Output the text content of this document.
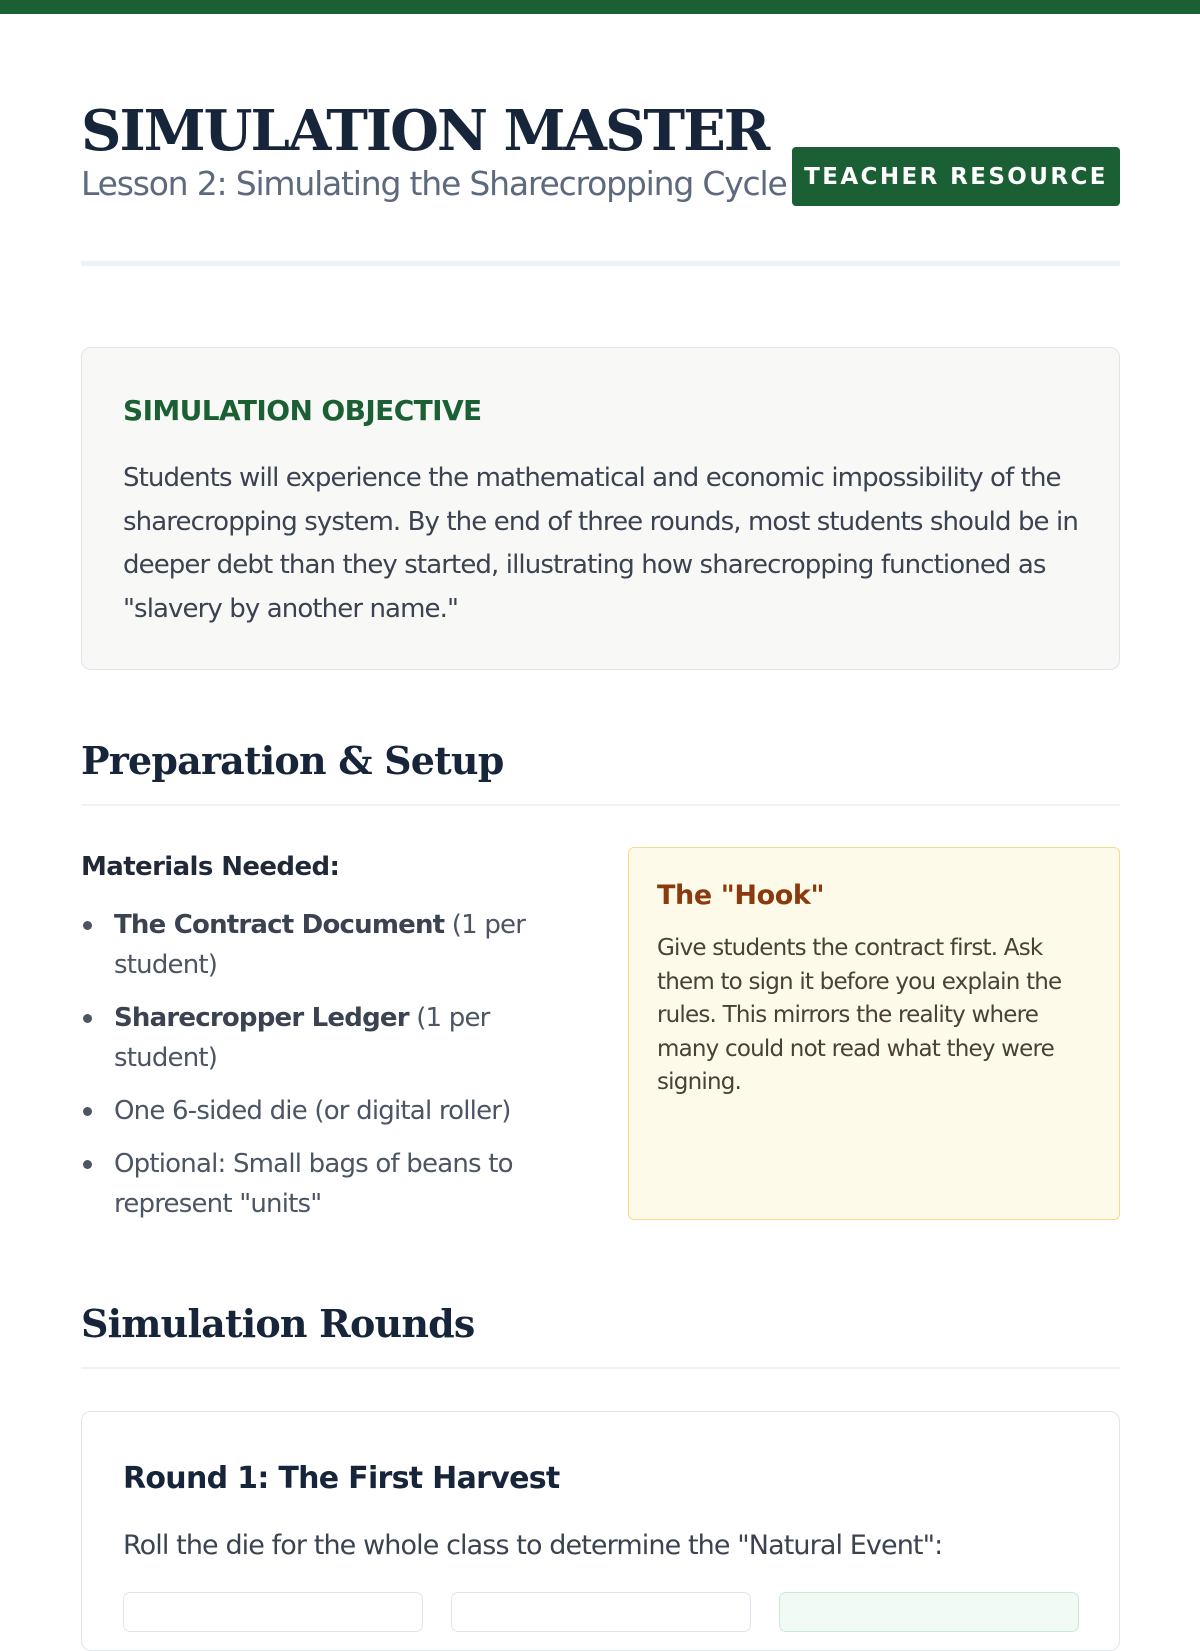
SIMULATION MASTER
Lesson 2: Simulating the Sharecropping Cycle TEACHER RESOURCE
SIMULATION OBJECTIVE
Students will experience the mathematical and economic impossibility of the sharecropping system. By the end of three rounds, most students should be in deeper debt than they started, illustrating how sharecropping functioned as "slavery by another name."
Preparation & Setup
Materials Needed:
The Contract Document (1 per student)
Sharecropper Ledger (1 per student)
One 6-sided die (or digital roller)
Optional: Small bags of beans to represent "units"
The "Hook"
Give students the contract first. Ask them to sign it before you explain the rules. This mirrors the reality where many could not read what they were signing.
Simulation Rounds
Round 1: The First Harvest
Roll the die for the whole class to determine the "Natural Event":
